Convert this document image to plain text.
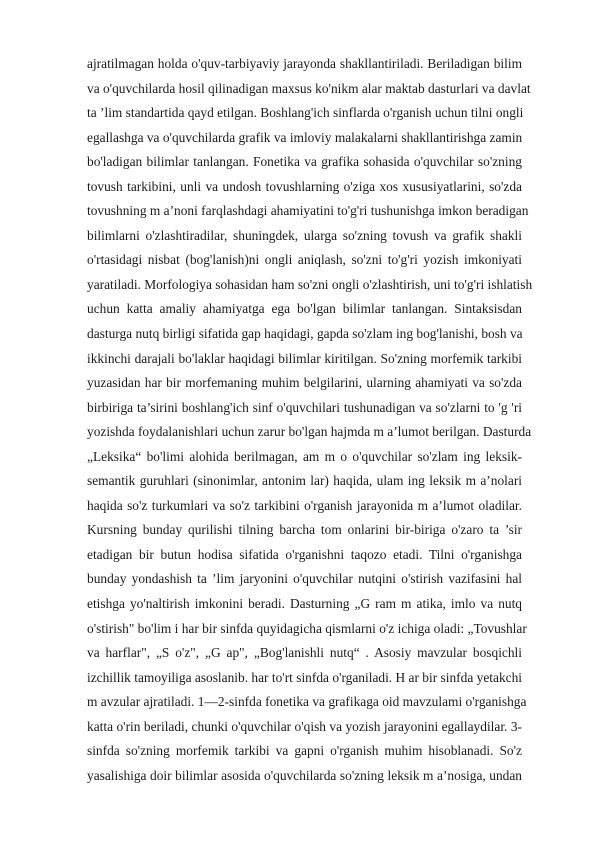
ajratilmagan holda o'quv-tarbiyaviy jarayonda shakllantiriladi. Beriladigan bilim
va o'quvchilarda hosil qilinadigan maxsus ko'nikm alar maktab dasturlari va davlat
ta ’lim standartida qayd etilgan. Boshlang'ich sinflarda o'rganish uchun tilni ongli
egallashga va o'quvchilarda grafik va imloviy malakalarni shakllantirishga zamin
bo'ladigan bilimlar tanlangan. Fonetika va grafika sohasida o'quvchilar so'zning
tovush tarkibini, unli va undosh tovushlarning o'ziga xos xususiyatlarini, so'zda
tovushning m a’noni farqlashdagi ahamiyatini to'g'ri tushunishga imkon beradigan
bilimlarni o'zlashtiradilar, shuningdek, ularga so'zning tovush va grafik shakli
o'rtasidagi nisbat (bog'lanish)ni ongli aniqlash, so'zni to'g'ri yozish imkoniyati
yaratiladi. Morfologiya sohasidan ham so'zni ongli o'zlashtirish, uni to'g'ri ishlatish
uchun katta amaliy ahamiyatga ega bo'lgan bilimlar tanlangan. Sintaksisdan
dasturga nutq birligi sifatida gap haqidagi, gapda so'zlam ing bog'lanishi, bosh va
ikkinchi darajali bo'laklar haqidagi bilimlar kiritilgan. So'zning morfemik tarkibi
yuzasidan har bir morfemaning muhim belgilarini, ularning ahamiyati va so'zda
birbiriga ta’sirini boshlang'ich sinf o'quvchilari tushunadigan va so'zlarni to 'g 'ri
yozishda foydalanishlari uchun zarur bo'lgan hajmda m a’lumot berilgan. Dasturda
„Leksika“ bo'limi alohida berilmagan, am m o o'quvchilar so'zlam ing leksik-
semantik guruhlari (sinonimlar, antonim lar) haqida, ulam ing leksik m a’nolari
haqida so'z turkumlari va so'z tarkibini o'rganish jarayonida m a’lumot oladilar.
Kursning bunday qurilishi tilning barcha tom onlarini bir-biriga o'zaro ta ’sir
etadigan bir butun hodisa sifatida o'rganishni taqozo etadi. Tilni o'rganishga
bunday yondashish ta ’lim jaryonini o'quvchilar nutqini o'stirish vazifasini hal
etishga yo'naltirish imkonini beradi. Dasturning „G ram m atika, imlo va nutq
o'stirish" bo'lim i har bir sinfda quyidagicha qismlarni o'z ichiga oladi: „Tovushlar
va harflar", „S o'z", „G ap", „Bog'lanishli nutq“ . Asosiy mavzular bosqichli
izchillik tamoyiliga asoslanib. har to'rt sinfda o'rganiladi. H ar bir sinfda yetakchi
m avzular ajratiladi. 1—2-sinfda fonetika va grafikaga oid mavzulami o'rganishga
katta o'rin beriladi, chunki o'quvchilar o'qish va yozish jarayonini egallaydilar. 3-
sinfda so'zning morfemik tarkibi va gapni o'rganish muhim hisoblanadi. So'z
yasalishiga doir bilimlar asosida o'quvchilarda so'zning leksik m a’nosiga, undan
